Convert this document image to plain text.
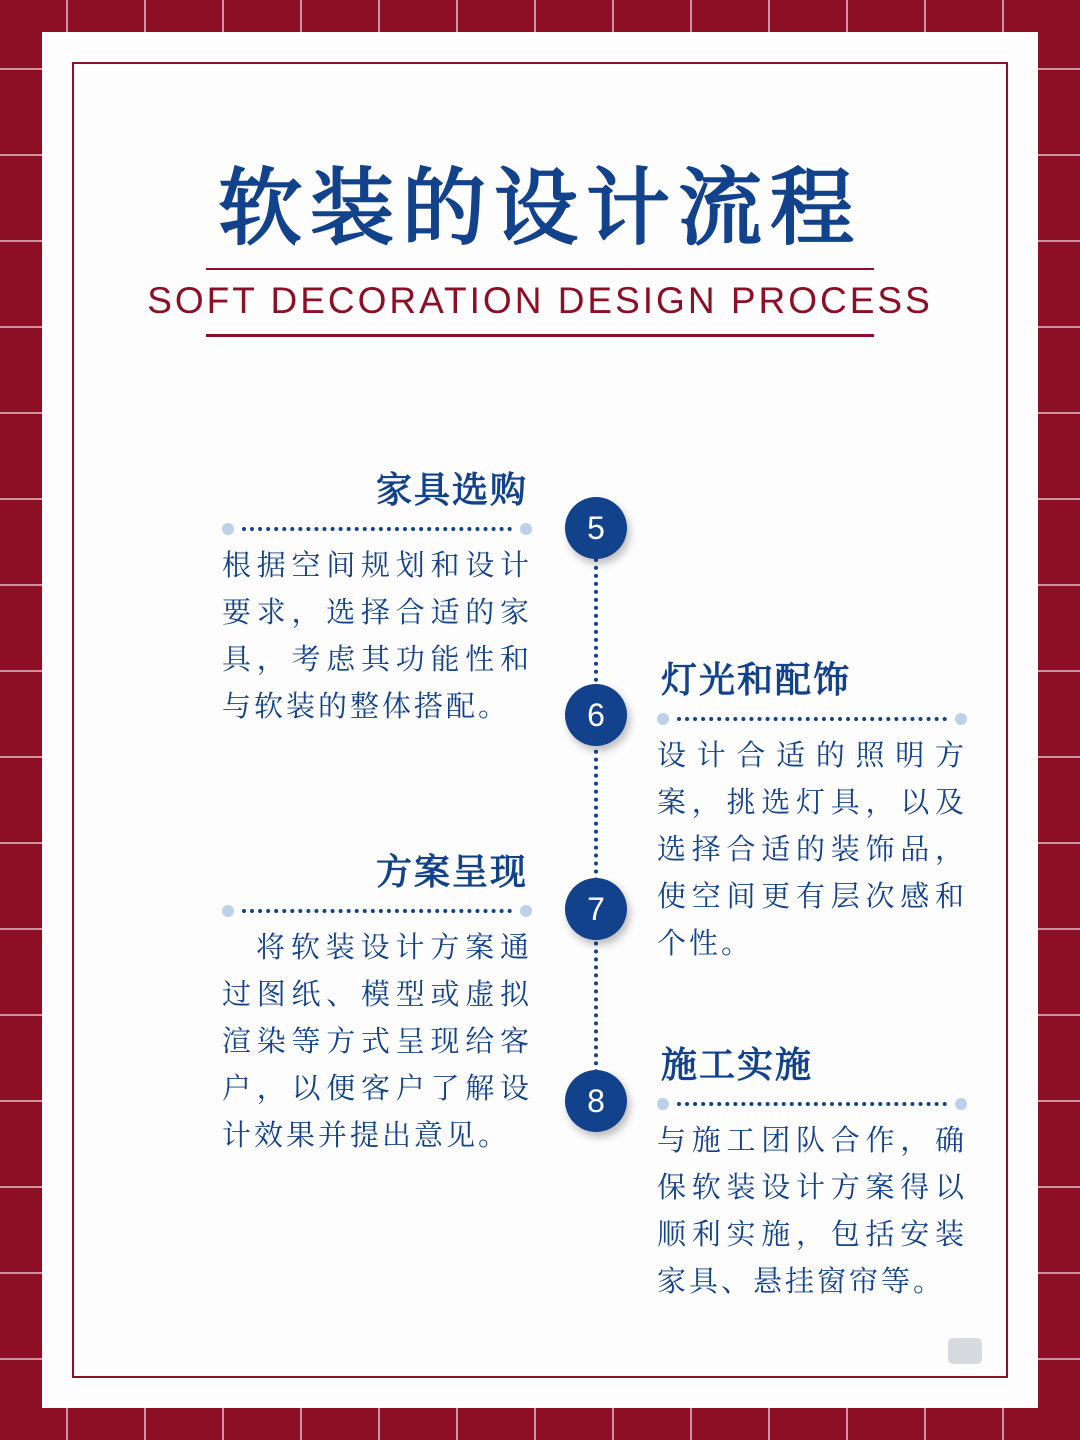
软装的设计流程

SOFT DECORATION DESIGN PROCESS

5
6
7
8
家具选购
根据空间规划和设计要求，选择合适的家具，考虑其功能性和与软装的整体搭配。
灯光和配饰
设计合适的照明方案，挑选灯具，以及选择合适的装饰品，使空间更有层次感和个性。
方案呈现
将软装设计方案通过图纸、模型或虚拟渲染等方式呈现给客户，以便客户了解设计效果并提出意见。
施工实施
与施工团队合作，确保软装设计方案得以顺利实施，包括安装家具、悬挂窗帘等。
